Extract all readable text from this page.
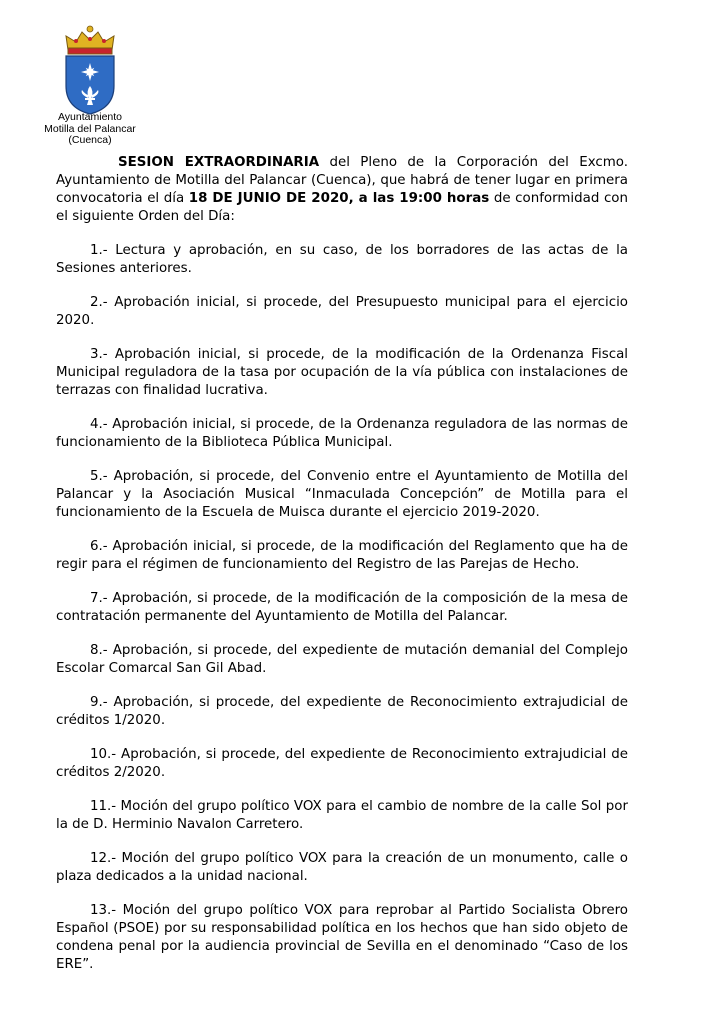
Ayuntamiento
Motilla del Palancar
(Cuenca)

SESION EXTRAORDINARIA del Pleno de la Corporación del Excmo. Ayuntamiento de Motilla del Palancar (Cuenca), que habrá de tener lugar en primera convocatoria el día 18 DE JUNIO DE 2020, a las 19:00 horas de conformidad con el siguiente Orden del Día:

1.- Lectura y aprobación, en su caso, de los borradores de las actas de la Sesiones anteriores.

2.- Aprobación inicial, si procede, del Presupuesto municipal para el ejercicio 2020.

3.- Aprobación inicial, si procede, de la modificación de la Ordenanza Fiscal Municipal reguladora de la tasa por ocupación de la vía pública con instalaciones de terrazas con finalidad lucrativa.

4.- Aprobación inicial, si procede, de la Ordenanza reguladora de las normas de funcionamiento de la Biblioteca Pública Municipal.

5.- Aprobación, si procede, del Convenio entre el Ayuntamiento de Motilla del Palancar y la Asociación Musical “Inmaculada Concepción” de Motilla para el funcionamiento de la Escuela de Muisca durante el ejercicio 2019-2020.

6.- Aprobación inicial, si procede, de la modificación del Reglamento que ha de regir para el régimen de funcionamiento del Registro de las Parejas de Hecho.

7.- Aprobación, si procede, de la modificación de la composición de la mesa de contratación permanente del Ayuntamiento de Motilla del Palancar.

8.- Aprobación, si procede, del expediente de mutación demanial del Complejo Escolar Comarcal San Gil Abad.

9.- Aprobación, si procede, del expediente de Reconocimiento extrajudicial de créditos 1/2020.

10.- Aprobación, si procede, del expediente de Reconocimiento extrajudicial de créditos 2/2020.

11.- Moción del grupo político VOX para el cambio de nombre de la calle Sol por la de D. Herminio Navalon Carretero.

12.- Moción del grupo político VOX para la creación de un monumento, calle o plaza dedicados a la unidad nacional.

13.- Moción del grupo político VOX para reprobar al Partido Socialista Obrero Español (PSOE) por su responsabilidad política en los hechos que han sido objeto de condena penal por la audiencia provincial de Sevilla en el denominado “Caso de los ERE”.
